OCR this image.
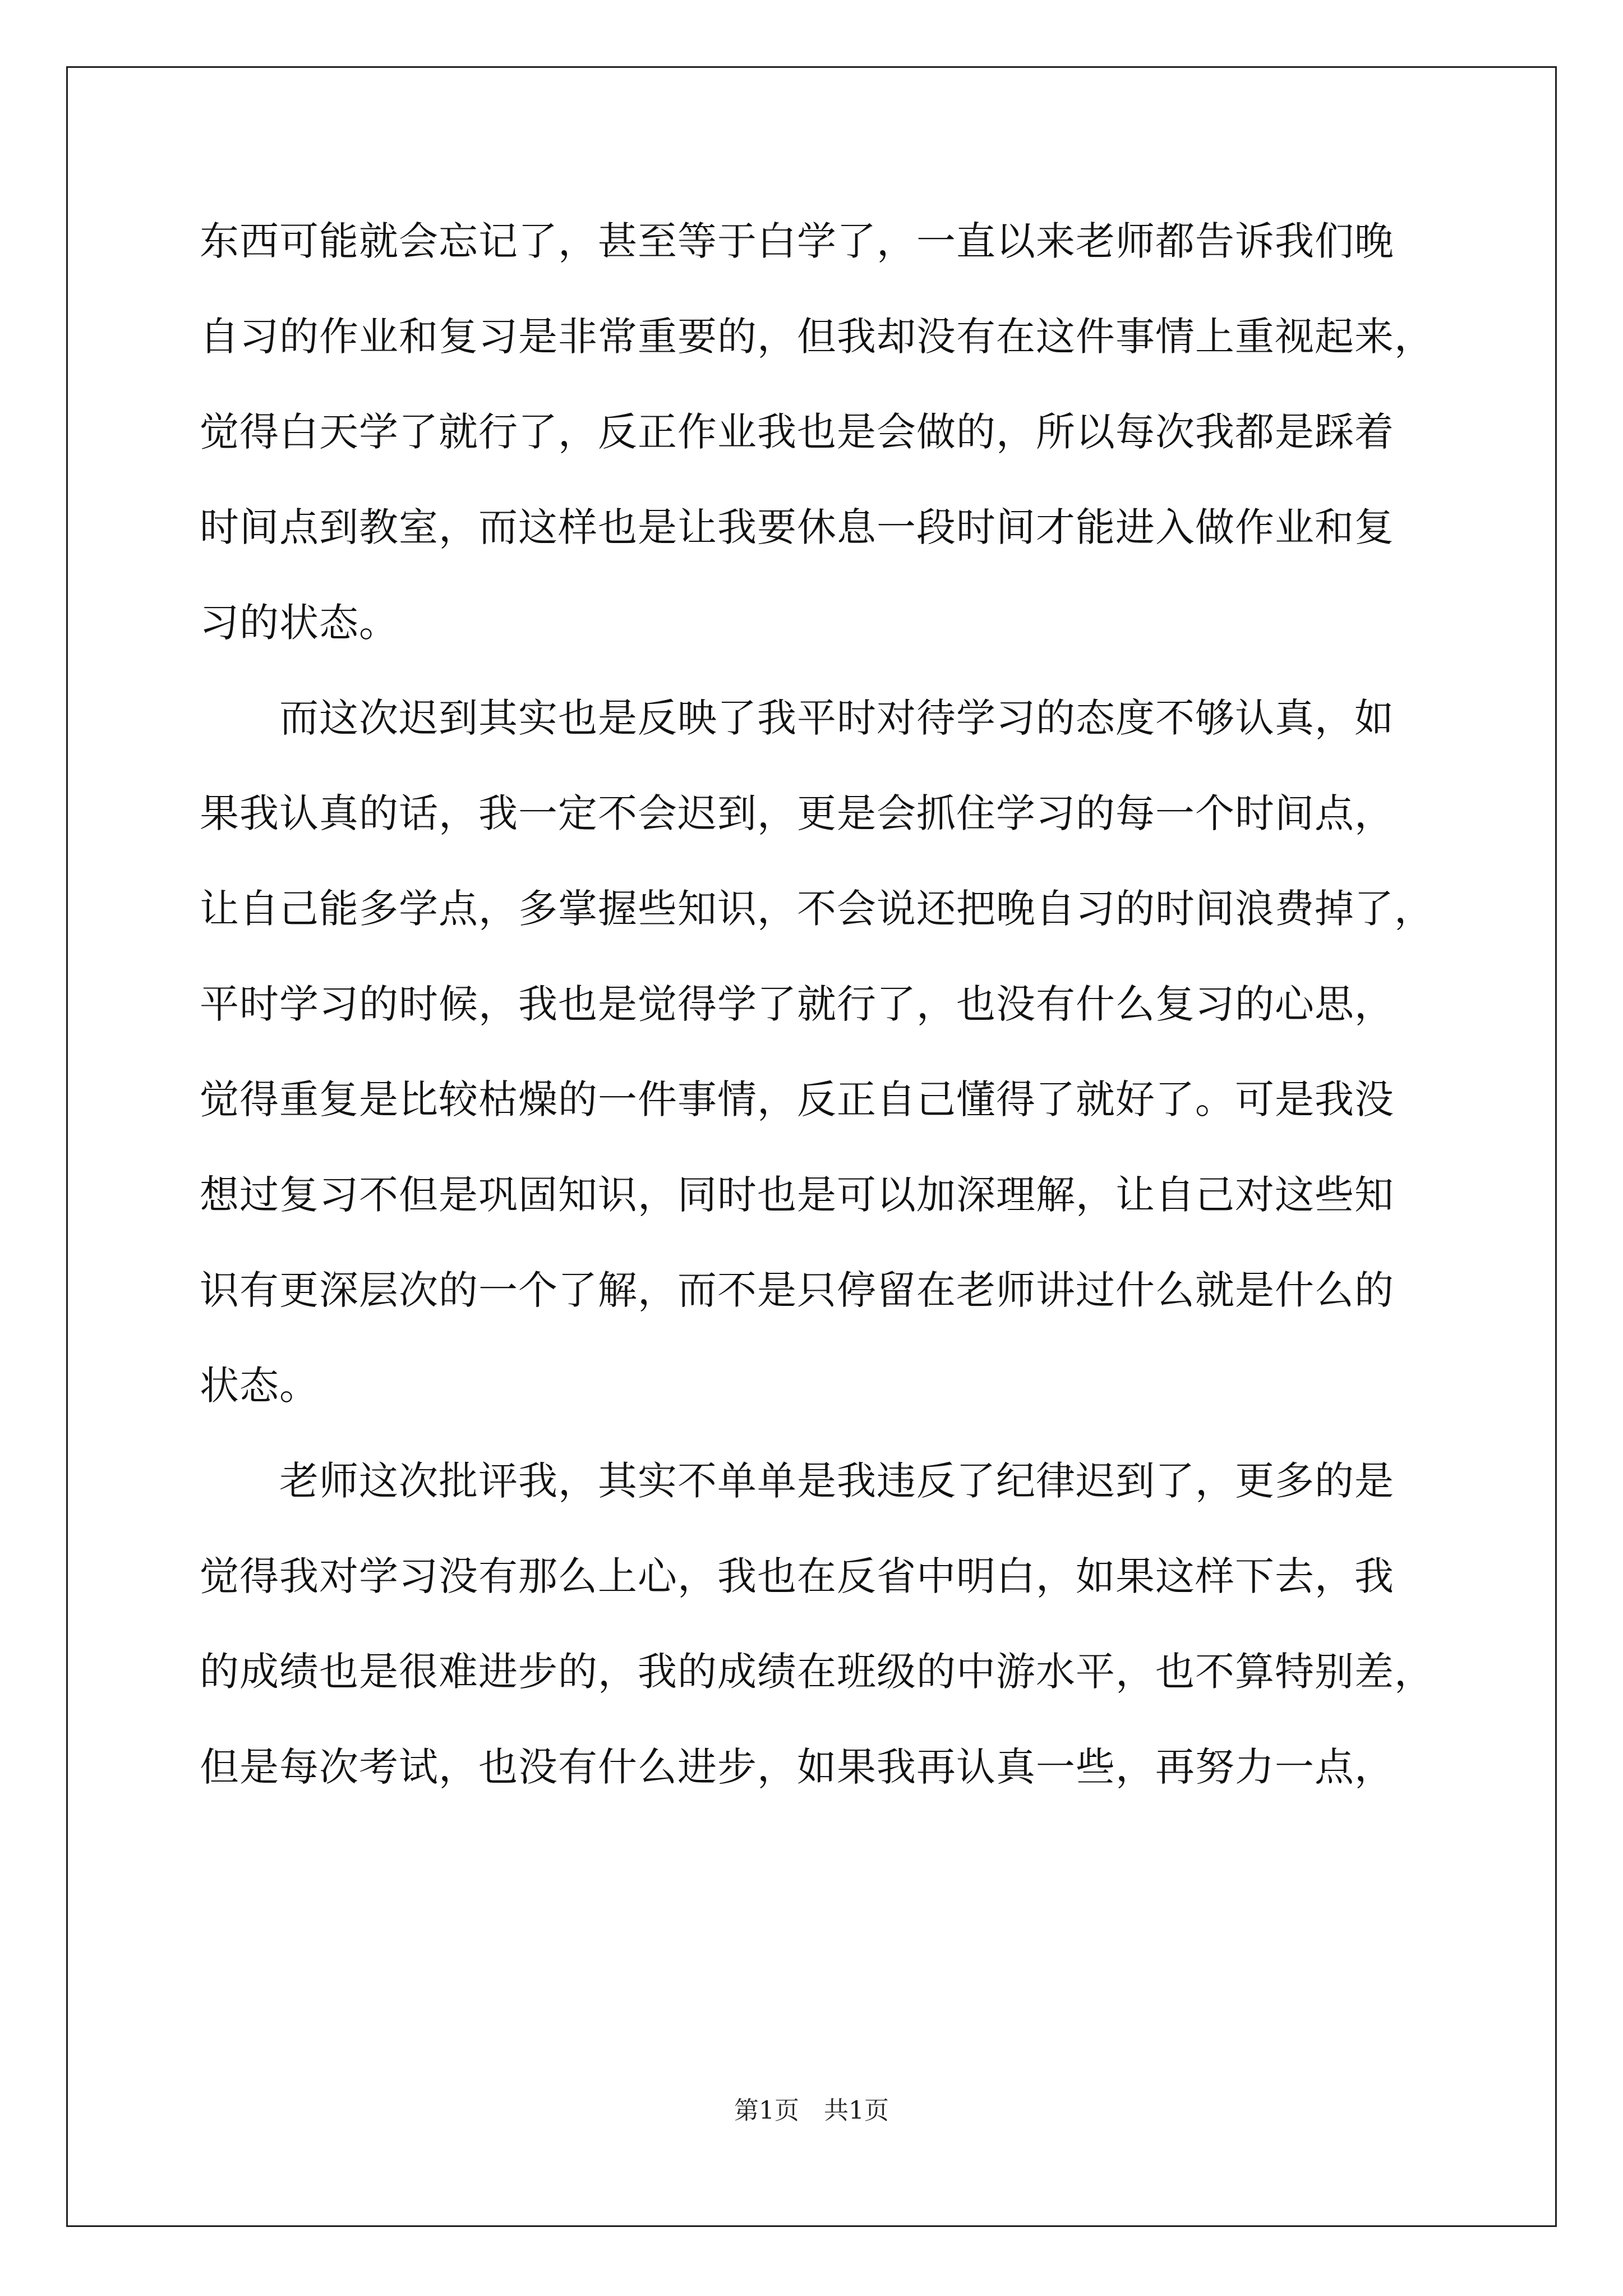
东西可能就会忘记了，甚至等于白学了，一直以来老师都告诉我们晚
自习的作业和复习是非常重要的，但我却没有在这件事情上重视起来，
觉得白天学了就行了，反正作业我也是会做的，所以每次我都是踩着
时间点到教室，而这样也是让我要休息一段时间才能进入做作业和复
习的状态。
　　而这次迟到其实也是反映了我平时对待学习的态度不够认真，如
果我认真的话，我一定不会迟到，更是会抓住学习的每一个时间点，
让自己能多学点，多掌握些知识，不会说还把晚自习的时间浪费掉了，
平时学习的时候，我也是觉得学了就行了，也没有什么复习的心思，
觉得重复是比较枯燥的一件事情，反正自己懂得了就好了。可是我没
想过复习不但是巩固知识，同时也是可以加深理解，让自己对这些知
识有更深层次的一个了解，而不是只停留在老师讲过什么就是什么的
状态。
　　老师这次批评我，其实不单单是我违反了纪律迟到了，更多的是
觉得我对学习没有那么上心，我也在反省中明白，如果这样下去，我
的成绩也是很难进步的，我的成绩在班级的中游水平，也不算特别差，
但是每次考试，也没有什么进步，如果我再认真一些，再努力一点，
第1页　共1页
